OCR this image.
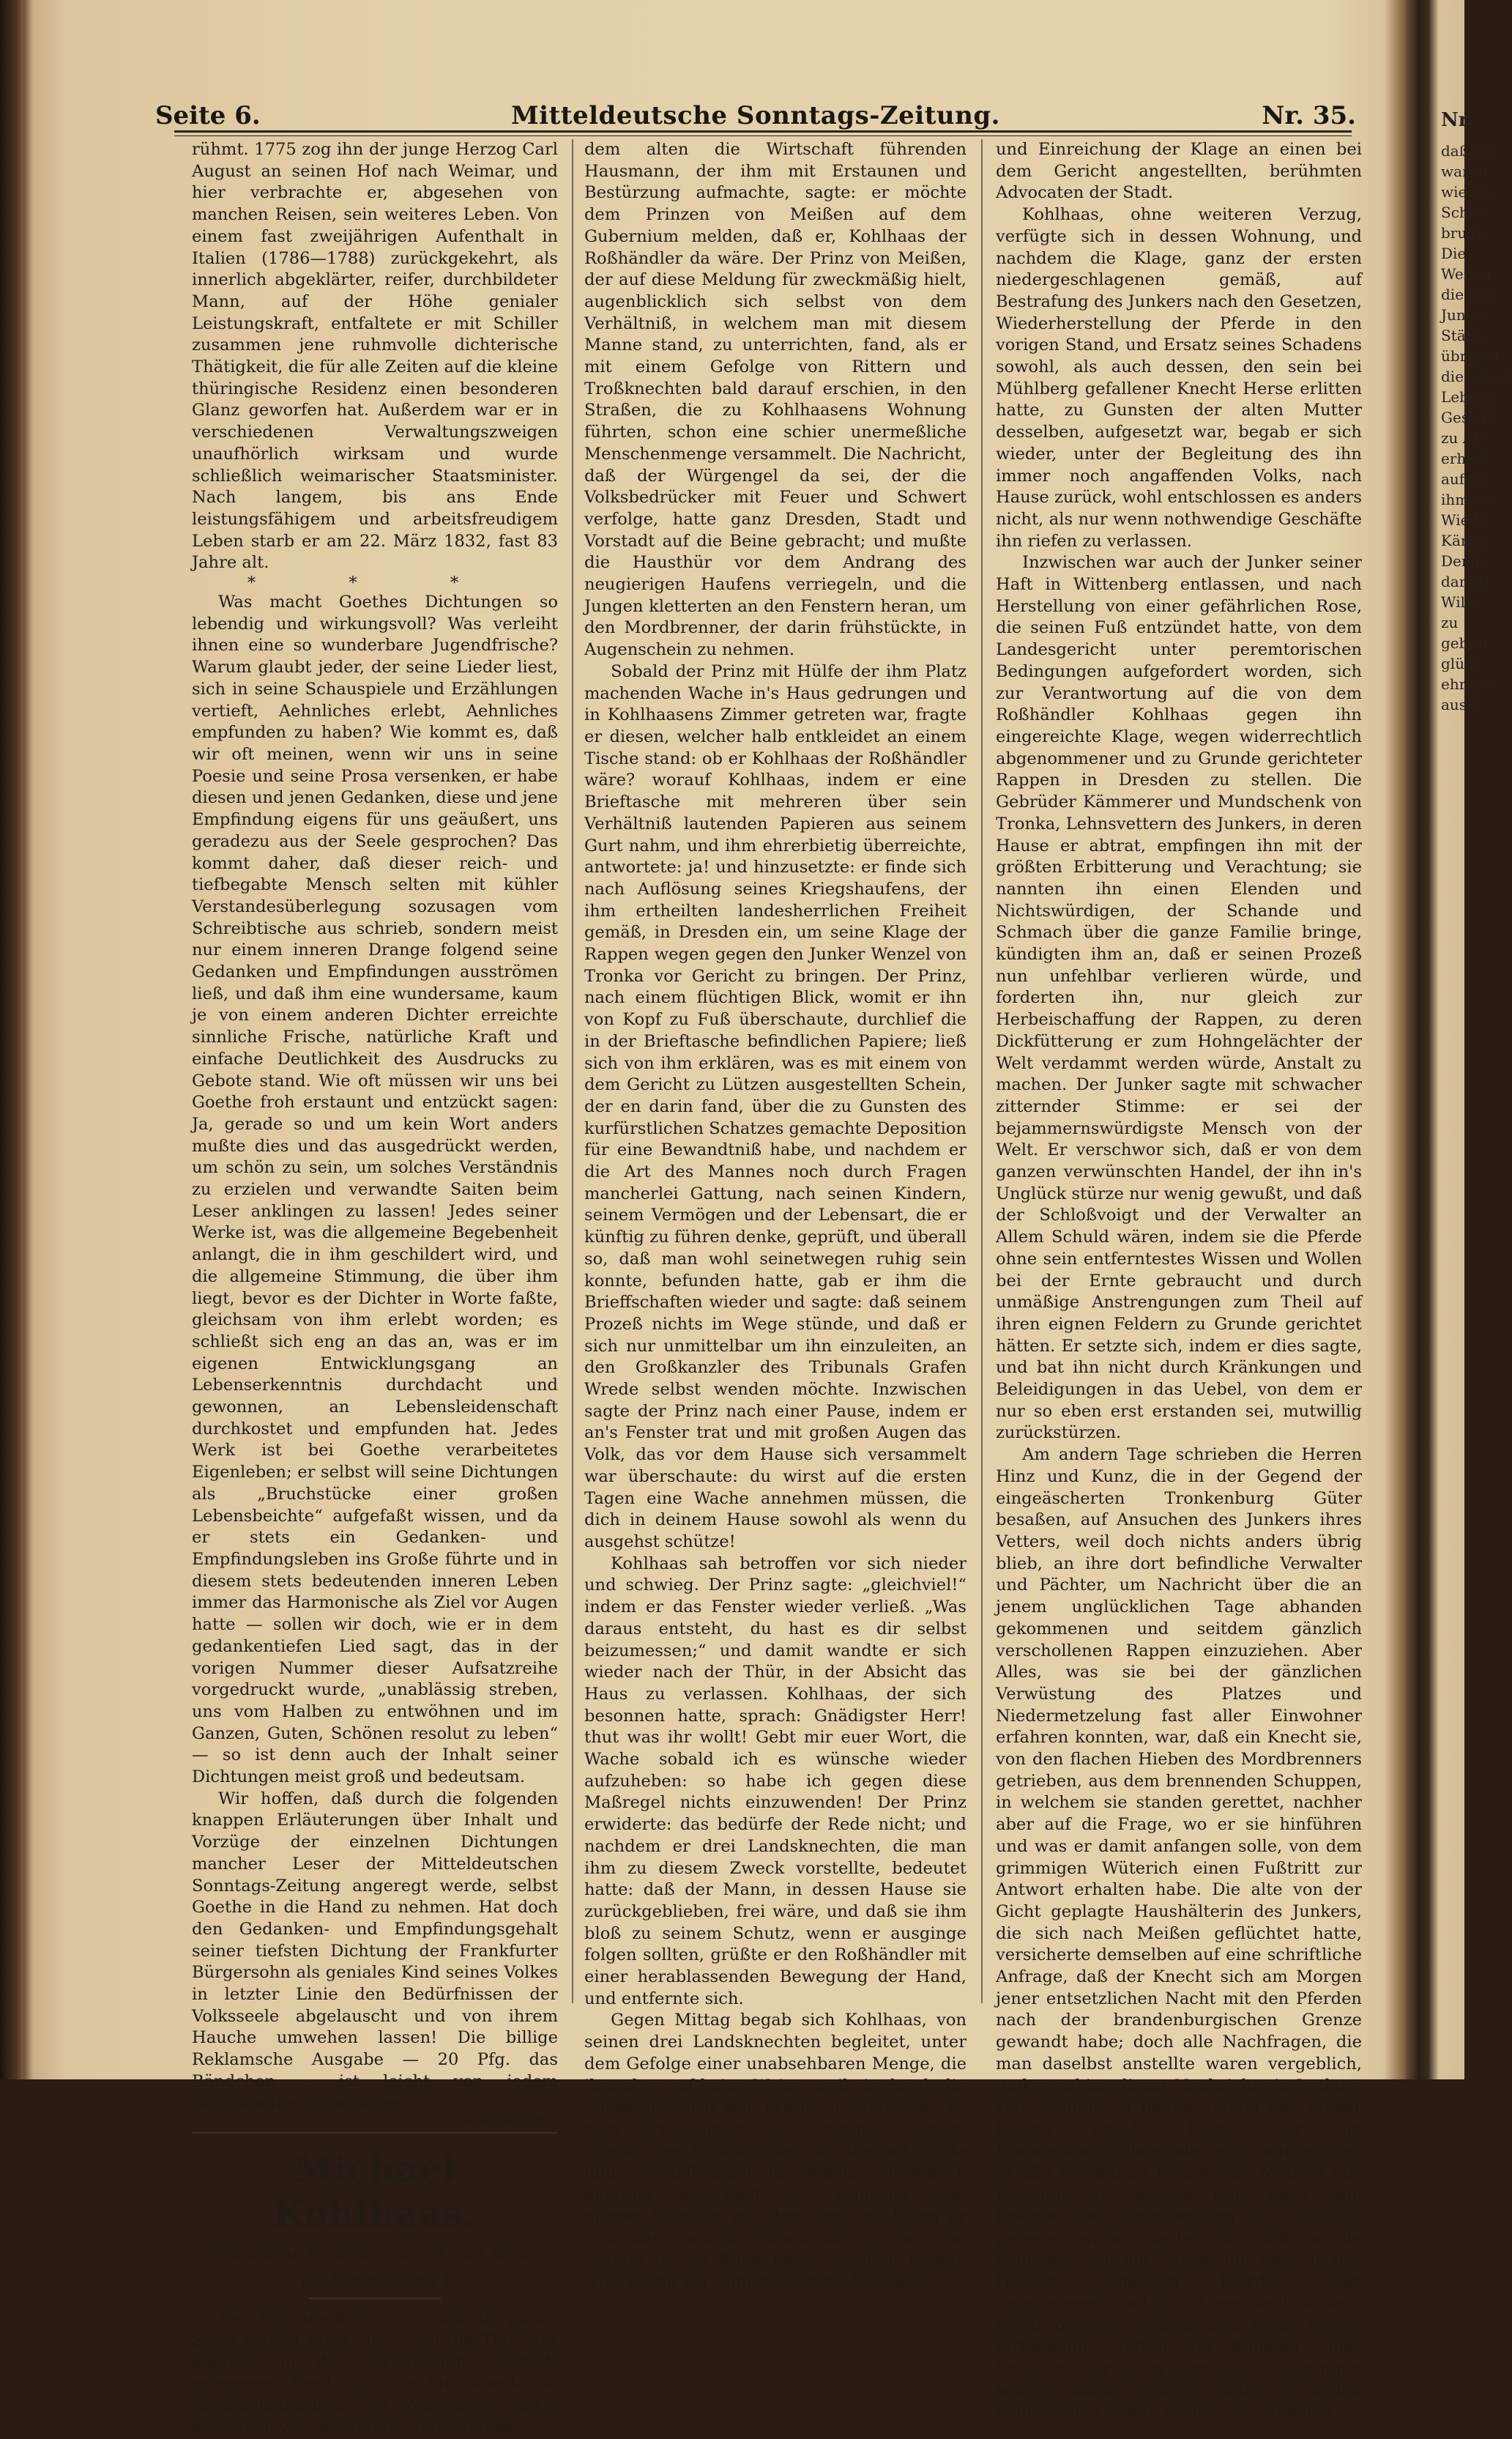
Seite 6.	Mitteldeutsche Sonntags-Zeitung.	Nr. 35.

rühmt. 1775 zog ihn der junge Herzog Carl August an seinen Hof nach Weimar, und hier verbrachte er, abgesehen von manchen Reisen, sein weiteres Leben. Von einem fast zweijährigen Aufenthalt in Italien (1786—1788) zurückgekehrt, als innerlich abgeklärter, reifer, durchbildeter Mann, auf der Höhe genialer Leistungskraft, entfaltete er mit Schiller zusammen jene ruhmvolle dichterische Thätigkeit, die für alle Zeiten auf die kleine thüringische Residenz einen besonderen Glanz geworfen hat. Außerdem war er in verschiedenen Verwaltungszweigen unaufhörlich wirksam und wurde schließlich weimarischer Staatsminister. Nach langem, bis ans Ende leistungsfähigem und arbeitsfreudigem Leben starb er am 22. März 1832, fast 83 Jahre alt.

* * *

Was macht Goethes Dichtungen so lebendig und wirkungsvoll? Was verleiht ihnen eine so wunderbare Jugendfrische? Warum glaubt jeder, der seine Lieder liest, sich in seine Schauspiele und Erzählungen vertieft, Aehnliches erlebt, Aehnliches empfunden zu haben? Wie kommt es, daß wir oft meinen, wenn wir uns in seine Poesie und seine Prosa versenken, er habe diesen und jenen Gedanken, diese und jene Empfindung eigens für uns geäußert, uns geradezu aus der Seele gesprochen? Das kommt daher, daß dieser reich- und tiefbegabte Mensch selten mit kühler Verstandesüberlegung sozusagen vom Schreibtische aus schrieb, sondern meist nur einem inneren Drange folgend seine Gedanken und Empfindungen ausströmen ließ, und daß ihm eine wundersame, kaum je von einem anderen Dichter erreichte sinnliche Frische, natürliche Kraft und einfache Deutlichkeit des Ausdrucks zu Gebote stand. Wie oft müssen wir uns bei Goethe froh erstaunt und entzückt sagen: Ja, gerade so und um kein Wort anders mußte dies und das ausgedrückt werden, um schön zu sein, um solches Verständnis zu erzielen und verwandte Saiten beim Leser anklingen zu lassen! Jedes seiner Werke ist, was die allgemeine Begebenheit anlangt, die in ihm geschildert wird, und die allgemeine Stimmung, die über ihm liegt, bevor es der Dichter in Worte faßte, gleichsam von ihm erlebt worden; es schließt sich eng an das an, was er im eigenen Entwicklungsgang an Lebenserkenntnis durchdacht und gewonnen, an Lebensleidenschaft durchkostet und empfunden hat. Jedes Werk ist bei Goethe verarbeitetes Eigenleben; er selbst will seine Dichtungen als „Bruchstücke einer großen Lebensbeichte“ aufgefaßt wissen, und da er stets ein Gedanken- und Empfindungsleben ins Große führte und in diesem stets bedeutenden inneren Leben immer das Harmonische als Ziel vor Augen hatte — sollen wir doch, wie er in dem gedankentiefen Lied sagt, das in der vorigen Nummer dieser Aufsatzreihe vorgedruckt wurde, „unablässig streben, uns vom Halben zu entwöhnen und im Ganzen, Guten, Schönen resolut zu leben“ — so ist denn auch der Inhalt seiner Dichtungen meist groß und bedeutsam.

Wir hoffen, daß durch die folgenden knappen Erläuterungen über Inhalt und Vorzüge der einzelnen Dichtungen mancher Leser der Mitteldeutschen Sonntags-Zeitung angeregt werde, selbst Goethe in die Hand zu nehmen. Hat doch den Gedanken- und Empfindungsgehalt seiner tiefsten Dichtung der Frankfurter Bürgersohn als geniales Kind seines Volkes in letzter Linie den Bedürfnissen der Volksseele abgelauscht und von ihrem Hauche umwehen lassen! Die billige Reklamsche Ausgabe — 20 Pfg. das Bändchen — ist leicht von jedem Buchhändler zu beziehen.

(Fortsetzung folgt.)
Michael Kohlhaas.
Historische Erzählung von H. von Kleist.
(7. Fortsetzung.)

Der Tag brach eben an und die ganze Stadt schlief noch, als er an die Thür der kleinen, in der Pirnaischen Vorstadt gelegenen Besitzung, die ihm durch die Rechtschaffenheit des Amtmanns übrig geblieben war, anklopfte, und Thomas

dem alten die Wirtschaft führenden Hausmann, der ihm mit Erstaunen und Bestürzung aufmachte, sagte: er möchte dem Prinzen von Meißen auf dem Gubernium melden, daß er, Kohlhaas der Roßhändler da wäre. Der Prinz von Meißen, der auf diese Meldung für zweckmäßig hielt, augenblicklich sich selbst von dem Verhältniß, in welchem man mit diesem Manne stand, zu unterrichten, fand, als er mit einem Gefolge von Rittern und Troßknechten bald darauf erschien, in den Straßen, die zu Kohlhaasens Wohnung führten, schon eine schier unermeßliche Menschenmenge versammelt. Die Nachricht, daß der Würgengel da sei, der die Volksbedrücker mit Feuer und Schwert verfolge, hatte ganz Dresden, Stadt und Vorstadt auf die Beine gebracht; und mußte die Hausthür vor dem Andrang des neugierigen Haufens verriegeln, und die Jungen kletterten an den Fenstern heran, um den Mordbrenner, der darin frühstückte, in Augenschein zu nehmen.

Sobald der Prinz mit Hülfe der ihm Platz machenden Wache in's Haus gedrungen und in Kohlhaasens Zimmer getreten war, fragte er diesen, welcher halb entkleidet an einem Tische stand: ob er Kohlhaas der Roßhändler wäre? worauf Kohlhaas, indem er eine Brieftasche mit mehreren über sein Verhältniß lautenden Papieren aus seinem Gurt nahm, und ihm ehrerbietig überreichte, antwortete: ja! und hinzusetzte: er finde sich nach Auflösung seines Kriegshaufens, der ihm ertheilten landesherrlichen Freiheit gemäß, in Dresden ein, um seine Klage der Rappen wegen gegen den Junker Wenzel von Tronka vor Gericht zu bringen. Der Prinz, nach einem flüchtigen Blick, womit er ihn von Kopf zu Fuß überschaute, durchlief die in der Brieftasche befindlichen Papiere; ließ sich von ihm erklären, was es mit einem von dem Gericht zu Lützen ausgestellten Schein, der en darin fand, über die zu Gunsten des kurfürstlichen Schatzes gemachte Deposition für eine Bewandtniß habe, und nachdem er die Art des Mannes noch durch Fragen mancherlei Gattung, nach seinen Kindern, seinem Vermögen und der Lebensart, die er künftig zu führen denke, geprüft, und überall so, daß man wohl seinetwegen ruhig sein konnte, befunden hatte, gab er ihm die Brieffschaften wieder und sagte: daß seinem Prozeß nichts im Wege stünde, und daß er sich nur unmittelbar um ihn einzuleiten, an den Großkanzler des Tribunals Grafen Wrede selbst wenden möchte. Inzwischen sagte der Prinz nach einer Pause, indem er an's Fenster trat und mit großen Augen das Volk, das vor dem Hause sich versammelt war überschaute: du wirst auf die ersten Tagen eine Wache annehmen müssen, die dich in deinem Hause sowohl als wenn du ausgehst schütze!

Kohlhaas sah betroffen vor sich nieder und schwieg. Der Prinz sagte: „gleichviel!“ indem er das Fenster wieder verließ. „Was daraus entsteht, du hast es dir selbst beizumessen;“ und damit wandte er sich wieder nach der Thür, in der Absicht das Haus zu verlassen. Kohlhaas, der sich besonnen hatte, sprach: Gnädigster Herr! thut was ihr wollt! Gebt mir euer Wort, die Wache sobald ich es wünsche wieder aufzuheben: so habe ich gegen diese Maßregel nichts einzuwenden! Der Prinz erwiderte: das bedürfe der Rede nicht; und nachdem er drei Landsknechten, die man ihm zu diesem Zweck vorstellte, bedeutet hatte: daß der Mann, in dessen Hause sie zurückgeblieben, frei wäre, und daß sie ihm bloß zu seinem Schutz, wenn er ausginge folgen sollten, grüßte er den Roßhändler mit einer herablassenden Bewegung der Hand, und entfernte sich.

Gegen Mittag begab sich Kohlhaas, von seinen drei Landsknechten begleitet, unter dem Gefolge einer unabsehbaren Menge, die ihm aber auf keine Weise, weil sie durch die Polizei gewarnt war, etwas zu Leide that, zu dem Großkanzler des Tribunals Grafen Wrede. Der Großkanzler, der ihn mit Milde und Freundlichkeit in seinem Vorgemach empfing, unterhielt sich während zwei ganzer Stunden mit ihm, und, nachdem er sich den ganzen Verlauf der Sache, von Anfang bis zu Ende hatte erzählen lassen, wies er ihn zur unmittelbaren Abfassung

und Einreichung der Klage an einen bei dem Gericht angestellten, berühmten Advocaten der Stadt.

Kohlhaas, ohne weiteren Verzug, verfügte sich in dessen Wohnung, und nachdem die Klage, ganz der ersten niedergeschlagenen gemäß, auf Bestrafung des Junkers nach den Gesetzen, Wiederherstellung der Pferde in den vorigen Stand, und Ersatz seines Schadens sowohl, als auch dessen, den sein bei Mühlberg gefallener Knecht Herse erlitten hatte, zu Gunsten der alten Mutter desselben, aufgesetzt war, begab er sich wieder, unter der Begleitung des ihn immer noch angaffenden Volks, nach Hause zurück, wohl entschlossen es anders nicht, als nur wenn nothwendige Geschäfte ihn riefen zu verlassen.

Inzwischen war auch der Junker seiner Haft in Wittenberg entlassen, und nach Herstellung von einer gefährlichen Rose, die seinen Fuß entzündet hatte, von dem Landesgericht unter peremtorischen Bedingungen aufgefordert worden, sich zur Verantwortung auf die von dem Roßhändler Kohlhaas gegen ihn eingereichte Klage, wegen widerrechtlich abgenommener und zu Grunde gerichteter Rappen in Dresden zu stellen. Die Gebrüder Kämmerer und Mundschenk von Tronka, Lehnsvettern des Junkers, in deren Hause er abtrat, empfingen ihn mit der größten Erbitterung und Verachtung; sie nannten ihn einen Elenden und Nichtswürdigen, der Schande und Schmach über die ganze Familie bringe, kündigten ihm an, daß er seinen Prozeß nun unfehlbar verlieren würde, und forderten ihn, nur gleich zur Herbeischaffung der Rappen, zu deren Dickfütterung er zum Hohngelächter der Welt verdammt werden würde, Anstalt zu machen. Der Junker sagte mit schwacher zitternder Stimme: er sei der bejammernswürdigste Mensch von der Welt. Er verschwor sich, daß er von dem ganzen verwünschten Handel, der ihn in's Unglück stürze nur wenig gewußt, und daß der Schloßvoigt und der Verwalter an Allem Schuld wären, indem sie die Pferde ohne sein entferntestes Wissen und Wollen bei der Ernte gebraucht und durch unmäßige Anstrengungen zum Theil auf ihren eignen Feldern zu Grunde gerichtet hätten. Er setzte sich, indem er dies sagte, und bat ihn nicht durch Kränkungen und Beleidigungen in das Uebel, von dem er nur so eben erst erstanden sei, mutwillig zurückstürzen.

Am andern Tage schrieben die Herren Hinz und Kunz, die in der Gegend der eingeäscherten Tronkenburg Güter besaßen, auf Ansuchen des Junkers ihres Vetters, weil doch nichts anders übrig blieb, an ihre dort befindliche Verwalter und Pächter, um Nachricht über die an jenem unglücklichen Tage abhanden gekommenen und seitdem gänzlich verschollenen Rappen einzuziehen. Aber Alles, was sie bei der gänzlichen Verwüstung des Platzes und Niedermetzelung fast aller Einwohner erfahren konnten, war, daß ein Knecht sie, von den flachen Hieben des Mordbrenners getrieben, aus dem brennenden Schuppen, in welchem sie standen gerettet, nachher aber auf die Frage, wo er sie hinführen und was er damit anfangen solle, von dem grimmigen Wüterich einen Fußtritt zur Antwort erhalten habe. Die alte von der Gicht geplagte Haushälterin des Junkers, die sich nach Meißen geflüchtet hatte, versicherte demselben auf eine schriftliche Anfrage, daß der Knecht sich am Morgen jener entsetzlichen Nacht mit den Pferden nach der brandenburgischen Grenze gewandt habe; doch alle Nachfragen, die man daselbst anstellte waren vergeblich, und es schien dieser Nachricht ein Irrthum zum Grunde zu liegen, indem der Junker keinen Knecht hatte, der im Brandenburgischen oder auch nur auf der Straße dorthin zu Hause war. Männer aus Dresden, die wenige Tage nach dem Brande der Tronkenburg in Wilsdruf gewesen waren, sagten aus, daß um die benannte Zeit ein Knecht mit zwei an der Halfter gehenden Pferden dort angekommen und die Thiere, weil sie sehr elend gewesen wären und nicht weiter fortgekonnt hätten, im Kuhstall eines Schäfers, der sie wieder hätte aufbringen wollen, stehen gelassen hätte. Es schien mancherlei Gründe wegen sehr möglich,

Nr.
daß ihr
waren;
wieder,
Schlo
brut b
Die
Wendu
die ern
Junker
Ställe,
übrigen
dieselben
Lebens-
Gesicht
zu Ab
erhielt
aufzuv
ihm zu
Wiede
Kämm
Denge
darauf
Wilsd
zu
gebun
glück
ehrlich
aus S
